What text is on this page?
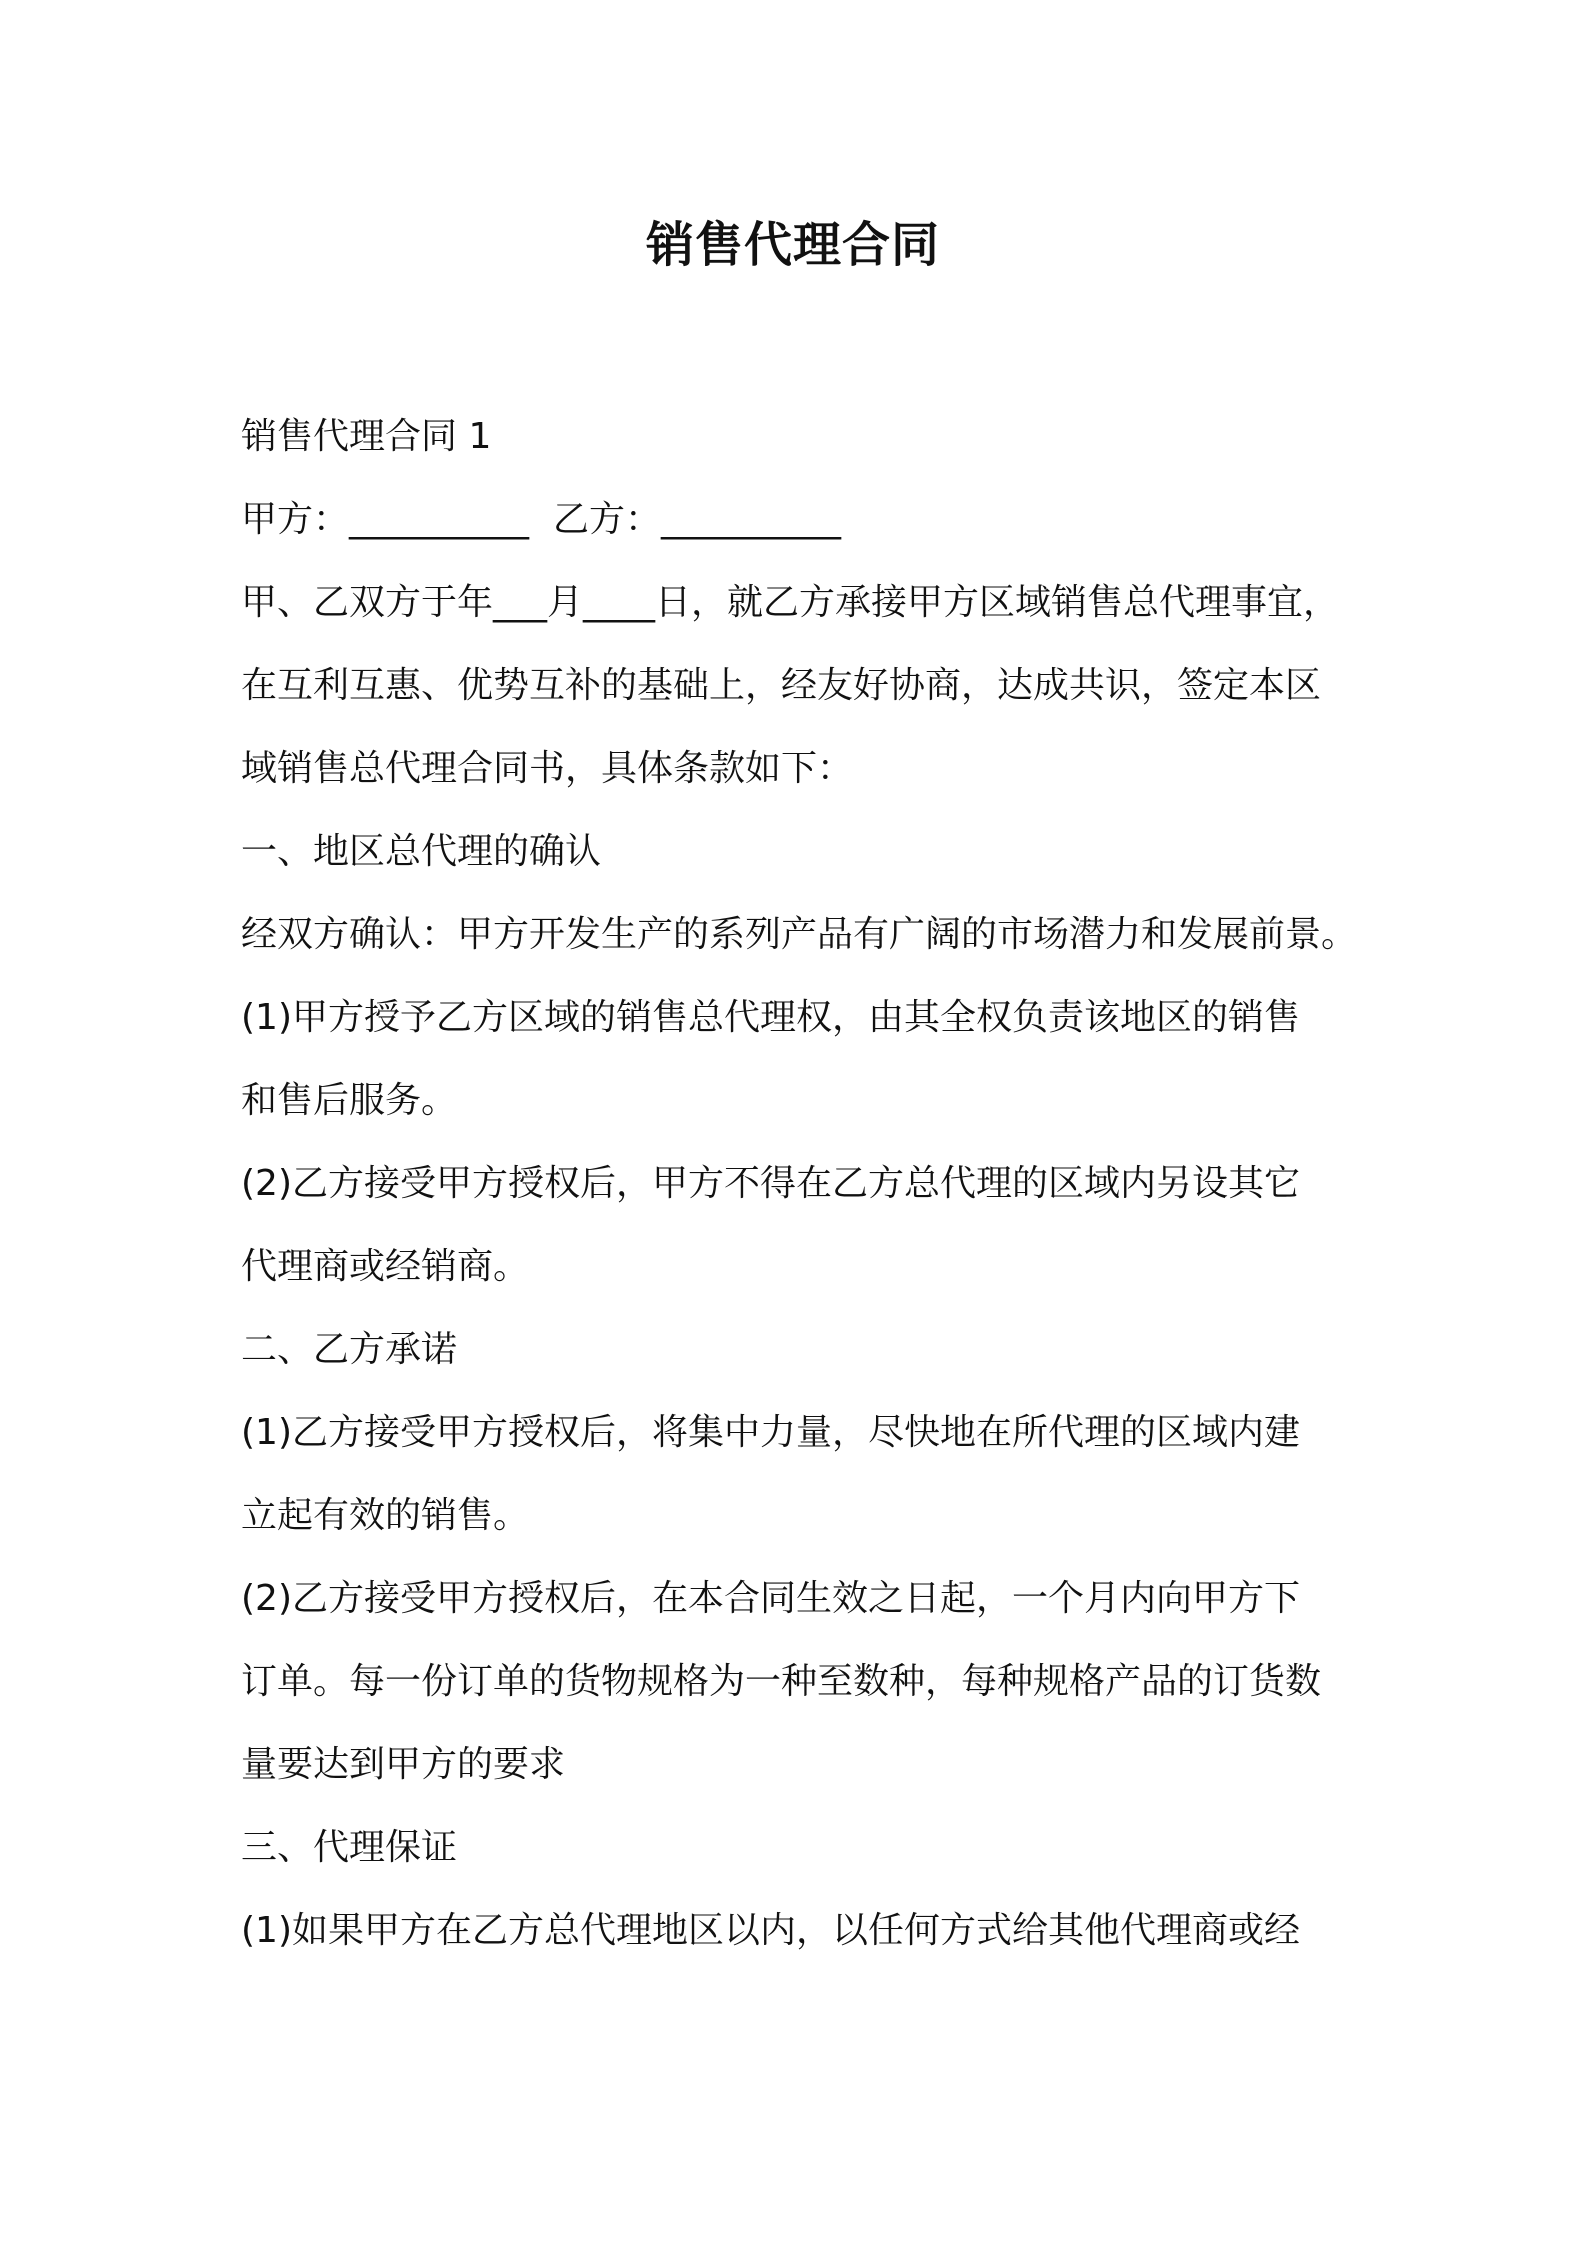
销售代理合同
销售代理合同 1
甲方：__________ 乙方：__________
甲、乙双方于年___月____日，就乙方承接甲方区域销售总代理事宜，
在互利互惠、优势互补的基础上，经友好协商，达成共识，签定本区
域销售总代理合同书，具体条款如下：
一、地区总代理的确认
经双方确认：甲方开发生产的系列产品有广阔的市场潜力和发展前景。
(1)甲方授予乙方区域的销售总代理权，由其全权负责该地区的销售
和售后服务。
(2)乙方接受甲方授权后，甲方不得在乙方总代理的区域内另设其它
代理商或经销商。
二、乙方承诺
(1)乙方接受甲方授权后，将集中力量，尽快地在所代理的区域内建
立起有效的销售。
(2)乙方接受甲方授权后，在本合同生效之日起，一个月内向甲方下
订单。每一份订单的货物规格为一种至数种，每种规格产品的订货数
量要达到甲方的要求
三、代理保证
(1)如果甲方在乙方总代理地区以内，以任何方式给其他代理商或经
